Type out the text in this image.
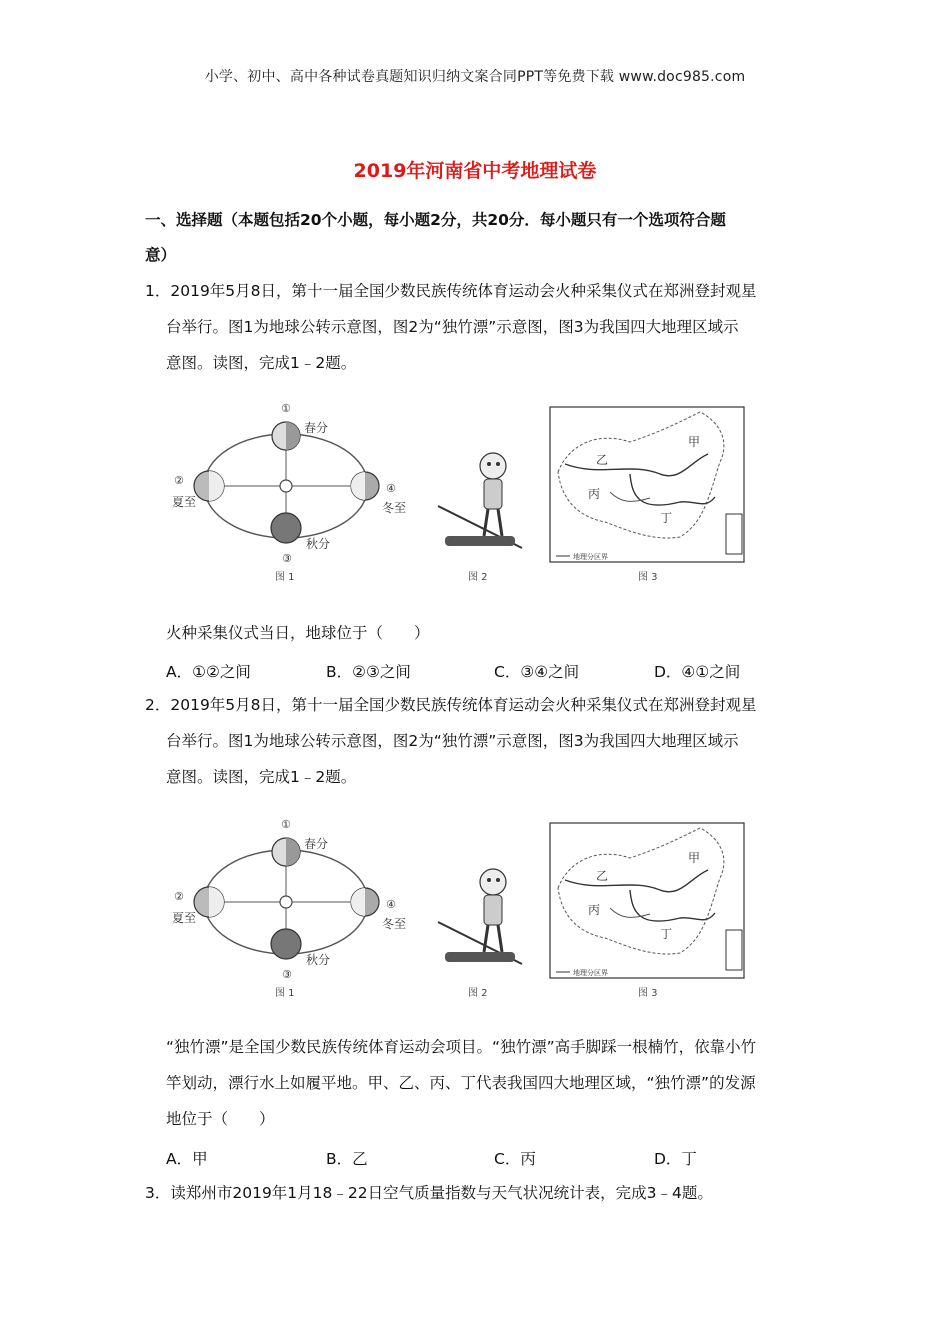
小学、初中、高中各种试卷真题知识归纳文案合同PPT等免费下载 www.doc985.com
2019年河南省中考地理试卷
一、选择题（本题包括20个小题，每小题2分，共20分．每小题只有一个选项符合题
意）
1．2019年5月8日，第十一届全国少数民族传统体育运动会火种采集仪式在郑洲登封观星
台举行。图1为地球公转示意图，图2为“独竹漂”示意图，图3为我国四大地理区域示
意图。读图，完成1﹣2题。
①
春分
②
夏至
③
秋分
④
冬至
图 1	图 2
甲
乙
丙
丁
地理分区界
图 3
火种采集仪式当日，地球位于（　　）
A．①②之间	B．②③之间	C．③④之间	D．④①之间
2．2019年5月8日，第十一届全国少数民族传统体育运动会火种采集仪式在郑洲登封观星
台举行。图1为地球公转示意图，图2为“独竹漂”示意图，图3为我国四大地理区域示
意图。读图，完成1﹣2题。
①
春分
②
夏至
③
秋分
④
冬至
图 1	图 2
甲
乙
丙
丁
地理分区界
图 3
“独竹漂”是全国少数民族传统体育运动会项目。“独竹漂”高手脚踩一根楠竹，依靠小竹
竿划动，漂行水上如履平地。甲、乙、丙、丁代表我国四大地理区域，“独竹漂”的发源
地位于（　　）
A．甲	B．乙	C．丙	D．丁
3．读郑州市2019年1月18﹣22日空气质量指数与天气状况统计表，完成3﹣4题。
